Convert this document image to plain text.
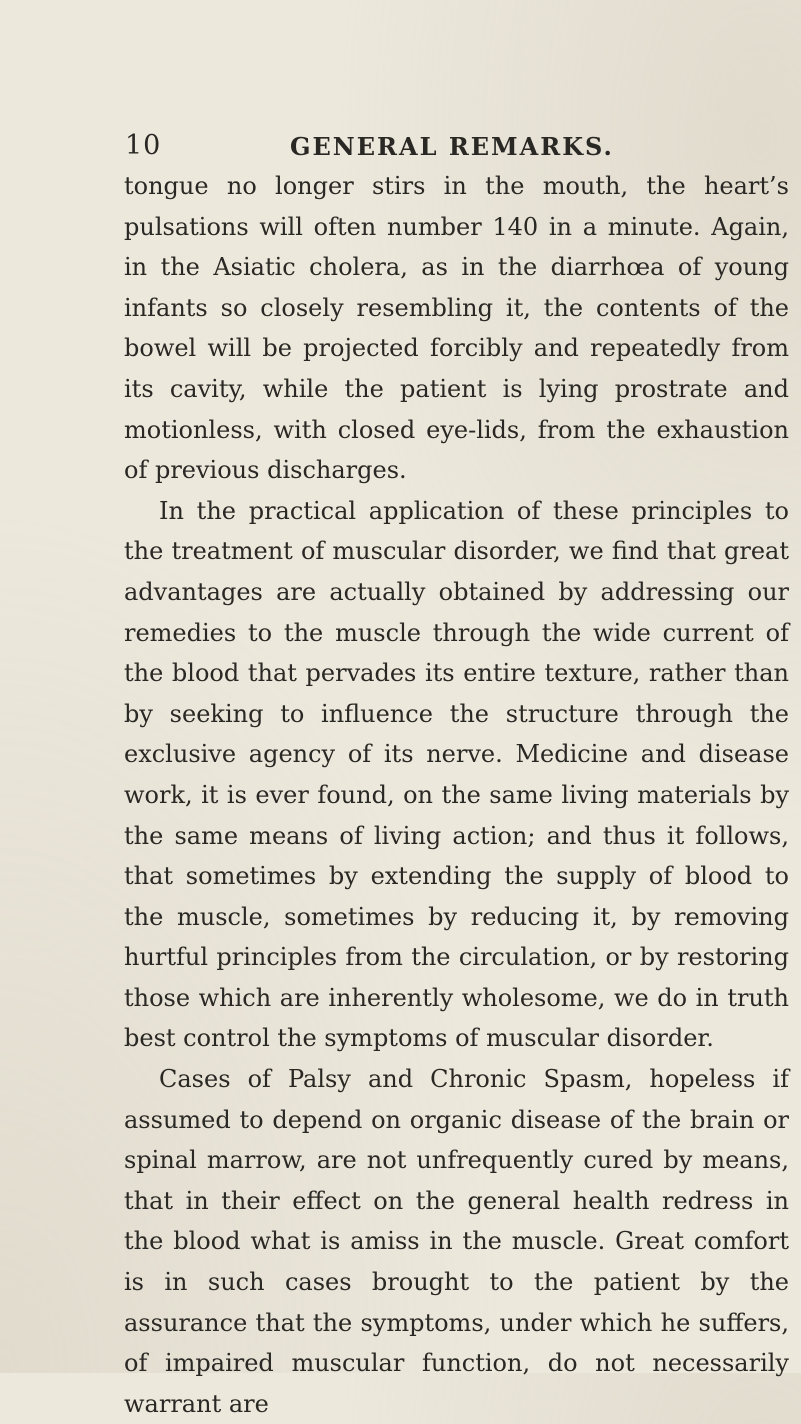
10	GENERAL REMARKS.

tongue no longer stirs in the mouth, the heart’s pulsations will often number 140 in a minute. Again, in the Asiatic cholera, as in the diarrhœa of young infants so closely resembling it, the contents of the bowel will be projected forcibly and repeatedly from its cavity, while the patient is lying prostrate and motionless, with closed eye-lids, from the exhaustion of previous discharges.

In the practical application of these principles to the treatment of muscular disorder, we find that great advantages are actually obtained by addressing our remedies to the muscle through the wide current of the blood that pervades its entire texture, rather than by seeking to influence the structure through the exclusive agency of its nerve. Medicine and disease work, it is ever found, on the same living materials by the same means of living action; and thus it follows, that sometimes by extending the supply of blood to the muscle, sometimes by reducing it, by removing hurtful principles from the circulation, or by restoring those which are inherently wholesome, we do in truth best control the symptoms of muscular disorder.

Cases of Palsy and Chronic Spasm, hopeless if assumed to depend on organic disease of the brain or spinal marrow, are not unfrequently cured by means, that in their effect on the general health redress in the blood what is amiss in the muscle. Great comfort is in such cases brought to the patient by the assurance that the symptoms, under which he suffers, of impaired muscular function, do not necessarily warrant are
